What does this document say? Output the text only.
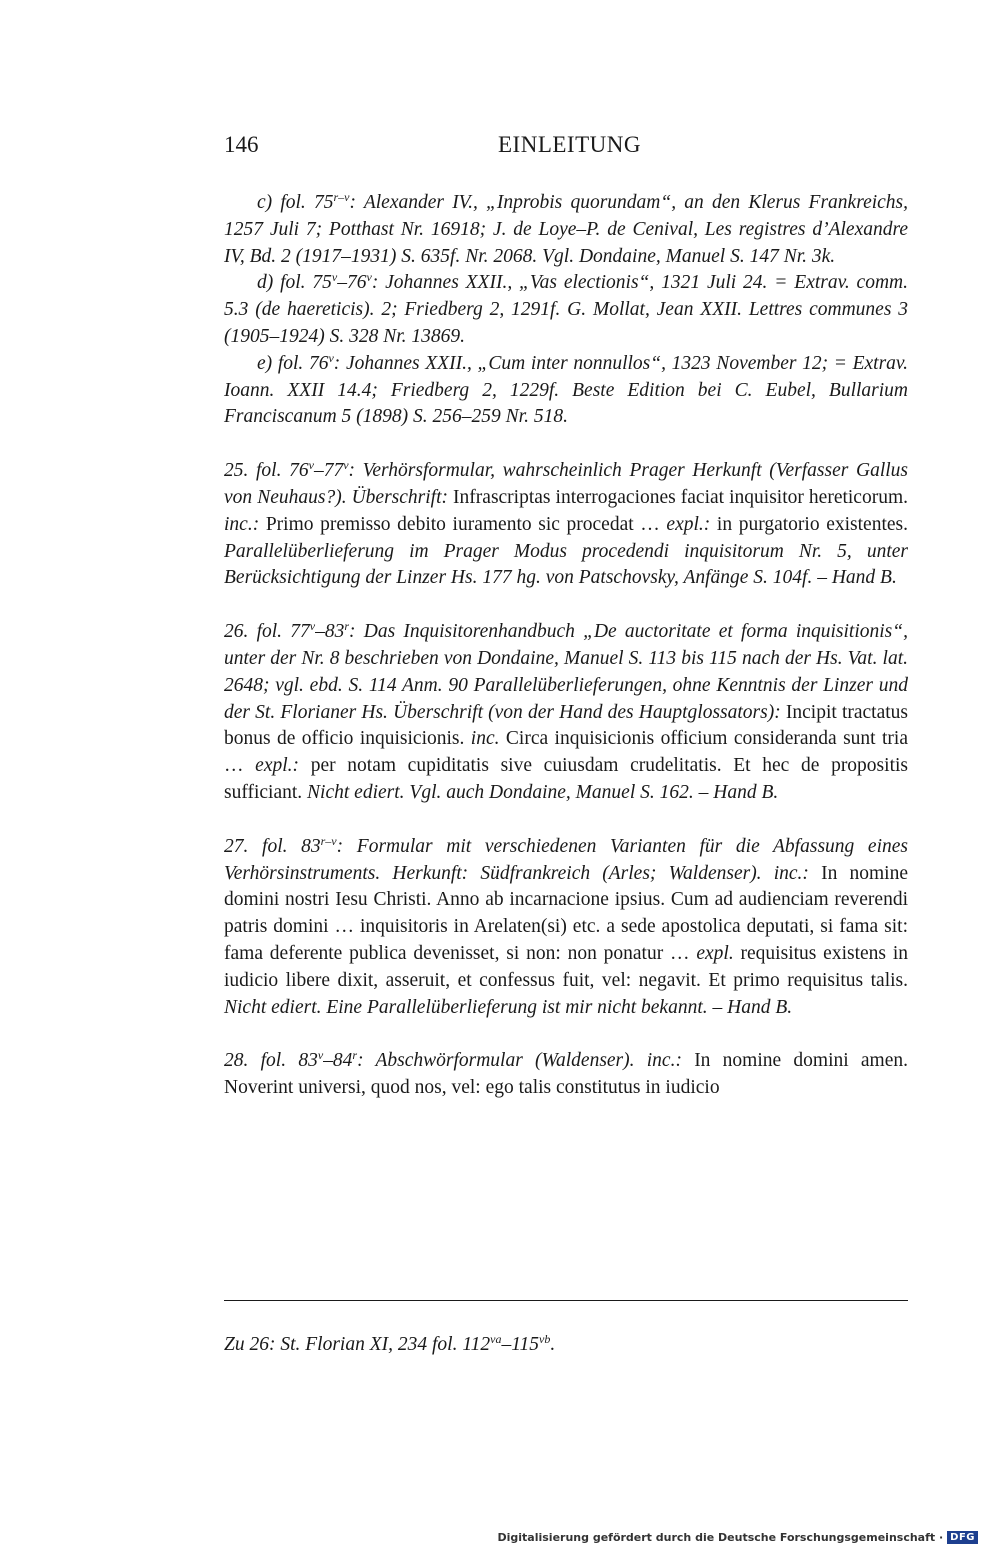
146	EINLEITUNG

c) fol. 75$^{r-v}$: Alexander IV., „Inprobis quorundam“, an den Klerus Frankreichs, 1257 Juli 7; Potthast Nr. 16918; J. de Loye–P. de Cenival, Les registres d’Alexandre IV, Bd. 2 (1917–1931) S. 635f. Nr. 2068. Vgl. Dondaine, Manuel S. 147 Nr. 3k.

d) fol. 75$^v$–76$^v$: Johannes XXII., „Vas electionis“, 1321 Juli 24. = Extrav. comm. 5.3 (de haereticis). 2; Friedberg 2, 1291f. G. Mollat, Jean XXII. Lettres communes 3 (1905–1924) S. 328 Nr. 13869.

e) fol. 76$^v$: Johannes XXII., „Cum inter nonnullos“, 1323 November 12; = Extrav. Ioann. XXII 14.4; Friedberg 2, 1229f. Beste Edition bei C. Eubel, Bullarium Franciscanum 5 (1898) S. 256–259 Nr. 518.

25. fol. 76$^v$–77$^v$: Verhörsformular, wahrscheinlich Prager Herkunft (Verfasser Gallus von Neuhaus?). Überschrift: Infrascriptas interrogaciones faciat inquisitor hereticorum. inc.: Primo premisso debito iuramento sic procedat … expl.: in purgatorio existentes. Parallelüberlieferung im Prager Modus procedendi inquisitorum Nr. 5, unter Berücksichtigung der Linzer Hs. 177 hg. von Patschovsky, Anfänge S. 104f. – Hand B.

26. fol. 77$^v$–83$^r$: Das Inquisitorenhandbuch „De auctoritate et forma inquisitionis“, unter der Nr. 8 beschrieben von Dondaine, Manuel S. 113 bis 115 nach der Hs. Vat. lat. 2648; vgl. ebd. S. 114 Anm. 90 Parallelüberlieferungen, ohne Kenntnis der Linzer und der St. Florianer Hs. Überschrift (von der Hand des Hauptglossators): Incipit tractatus bonus de officio inquisicionis. inc. Circa inquisicionis officium consideranda sunt tria … expl.: per notam cupiditatis sive cuiusdam crudelitatis. Et hec de propositis sufficiant. Nicht ediert. Vgl. auch Dondaine, Manuel S. 162. – Hand B.

27. fol. 83$^{r-v}$: Formular mit verschiedenen Varianten für die Abfassung eines Verhörsinstruments. Herkunft: Südfrankreich (Arles; Waldenser). inc.: In nomine domini nostri Iesu Christi. Anno ab incarnacione ipsius. Cum ad audienciam reverendi patris domini … inquisitoris in Arelaten(si) etc. a sede apostolica deputati, si fama sit: fama deferente publica devenisset, si non: non ponatur … expl. requisitus existens in iudicio libere dixit, asseruit, et confessus fuit, vel: negavit. Et primo requisitus talis. Nicht ediert. Eine Parallelüberlieferung ist mir nicht bekannt. – Hand B.

28. fol. 83$^v$–84$^r$: Abschwörformular (Waldenser). inc.: In nomine domini amen. Noverint universi, quod nos, vel: ego talis constitutus in iudicio

Zu 26: St. Florian XI, 234 fol. $112^{va}-115^{vb}$.
Digitalisierung gefördert durch die Deutsche Forschungsgemeinschaft · DFG
